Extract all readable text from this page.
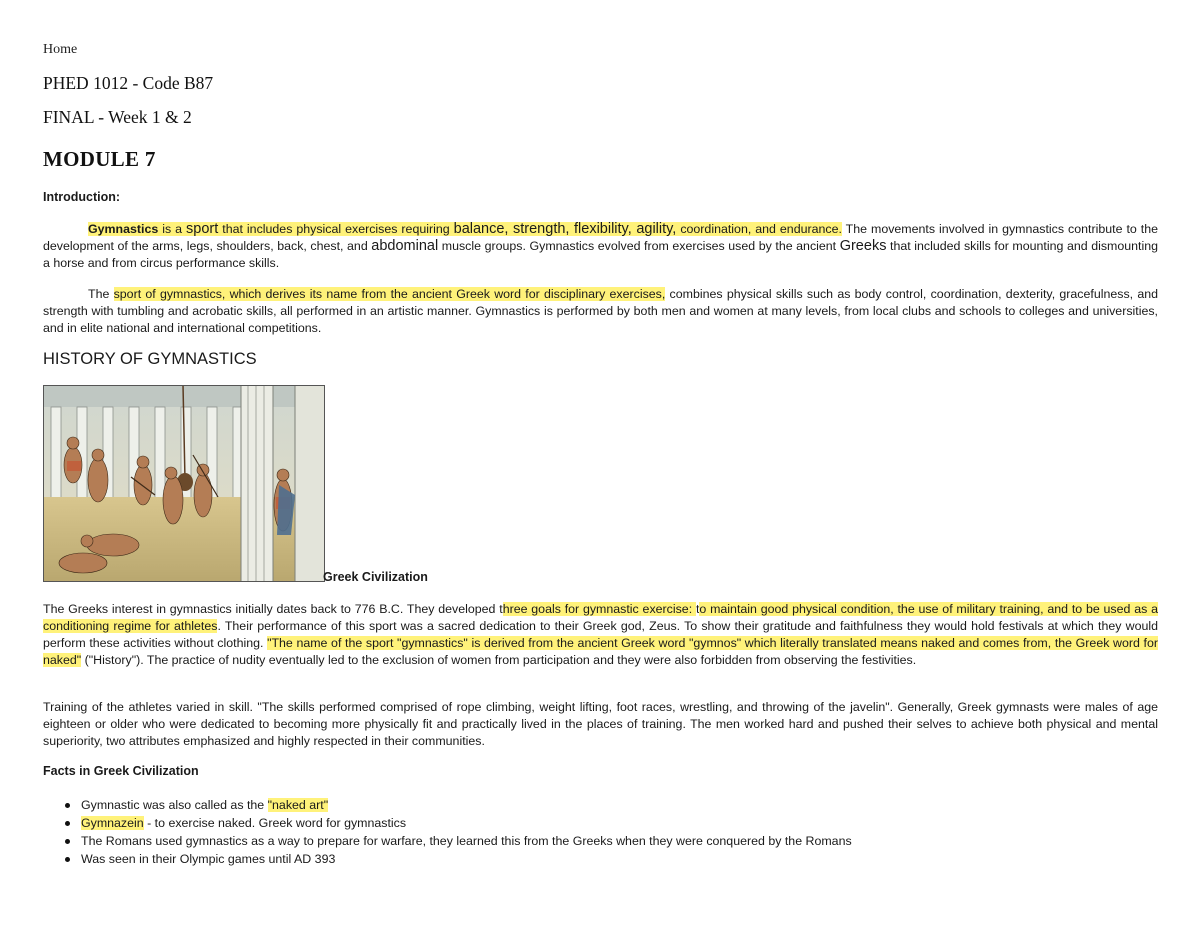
Home
PHED 1012 - Code B87
FINAL - Week 1 & 2
MODULE 7
Introduction:

Gymnastics is a sport that includes physical exercises requiring balance, strength, flexibility, agility, coordination, and endurance. The movements involved in gymnastics contribute to the development of the arms, legs, shoulders, back, chest, and abdominal muscle groups. Gymnastics evolved from exercises used by the ancient Greeks that included skills for mounting and dismounting a horse and from circus performance skills.

The sport of gymnastics, which derives its name from the ancient Greek word for disciplinary exercises, combines physical skills such as body control, coordination, dexterity, gracefulness, and strength with tumbling and acrobatic skills, all performed in an artistic manner. Gymnastics is performed by both men and women at many levels, from local clubs and schools to colleges and universities, and in elite national and international competitions.

HISTORY OF GYMNASTICS
Greek Civilization

The Greeks interest in gymnastics initially dates back to 776 B.C. They developed three goals for gymnastic exercise: to maintain good physical condition, the use of military training, and to be used as a conditioning regime for athletes. Their performance of this sport was a sacred dedication to their Greek god, Zeus. To show their gratitude and faithfulness they would hold festivals at which they would perform these activities without clothing. "The name of the sport "gymnastics" is derived from the ancient Greek word "gymnos" which literally translated means naked and comes from, the Greek word for naked" ("History"). The practice of nudity eventually led to the exclusion of women from participation and they were also forbidden from observing the festivities.

Training of the athletes varied in skill. "The skills performed comprised of rope climbing, weight lifting, foot races, wrestling, and throwing of the javelin". Generally, Greek gymnasts were males of age eighteen or older who were dedicated to becoming more physically fit and practically lived in the places of training. The men worked hard and pushed their selves to achieve both physical and mental superiority, two attributes emphasized and highly respected in their communities.

Facts in Greek Civilization
Gymnastic was also called as the "naked art"
Gymnazein - to exercise naked. Greek word for gymnastics
The Romans used gymnastics as a way to prepare for warfare, they learned this from the Greeks when they were conquered by the Romans
Was seen in their Olympic games until AD 393
